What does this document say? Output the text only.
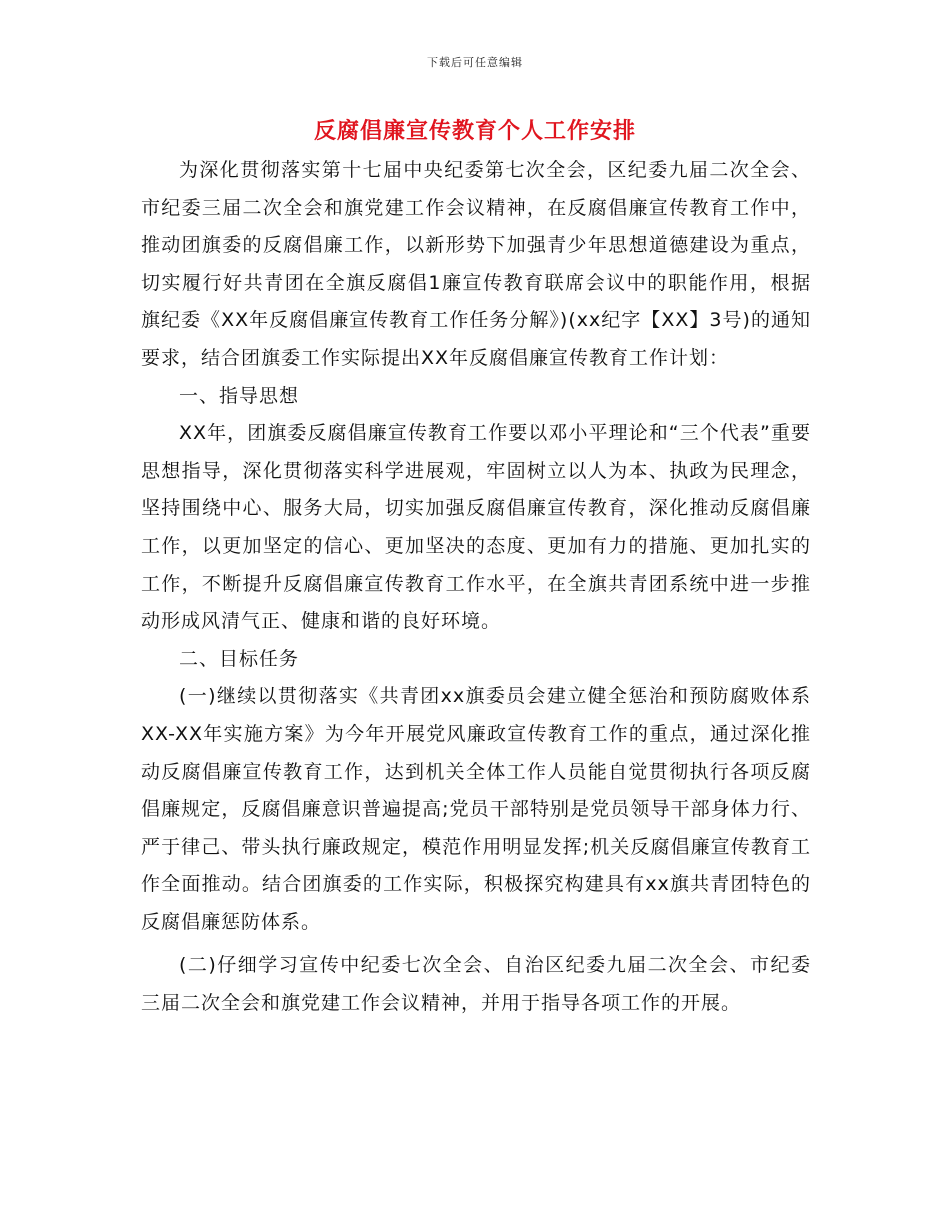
下载后可任意编辑
反腐倡廉宣传教育个人工作安排

为深化贯彻落实第十七届中央纪委第七次全会，区纪委九届二次全会、市纪委三届二次全会和旗党建工作会议精神，在反腐倡廉宣传教育工作中，推动团旗委的反腐倡廉工作，以新形势下加强青少年思想道德建设为重点，切实履行好共青团在全旗反腐倡1廉宣传教育联席会议中的职能作用，根据旗纪委《XX年反腐倡廉宣传教育工作任务分解》)(xx纪字【XX】3号)的通知要求，结合团旗委工作实际提出XX年反腐倡廉宣传教育工作计划：

一、指导思想

XX年，团旗委反腐倡廉宣传教育工作要以邓小平理论和“三个代表”重要思想指导，深化贯彻落实科学进展观，牢固树立以人为本、执政为民理念，坚持围绕中心、服务大局，切实加强反腐倡廉宣传教育，深化推动反腐倡廉工作，以更加坚定的信心、更加坚决的态度、更加有力的措施、更加扎实的工作，不断提升反腐倡廉宣传教育工作水平，在全旗共青团系统中进一步推动形成风清气正、健康和谐的良好环境。

二、目标任务

(一)继续以贯彻落实《共青团xx旗委员会建立健全惩治和预防腐败体系XX-XX年实施方案》为今年开展党风廉政宣传教育工作的重点，通过深化推动反腐倡廉宣传教育工作，达到机关全体工作人员能自觉贯彻执行各项反腐倡廉规定，反腐倡廉意识普遍提高;党员干部特别是党员领导干部身体力行、严于律己、带头执行廉政规定，模范作用明显发挥;机关反腐倡廉宣传教育工作全面推动。结合团旗委的工作实际，积极探究构建具有xx旗共青团特色的反腐倡廉惩防体系。

(二)仔细学习宣传中纪委七次全会、自治区纪委九届二次全会、市纪委三届二次全会和旗党建工作会议精神，并用于指导各项工作的开展。
